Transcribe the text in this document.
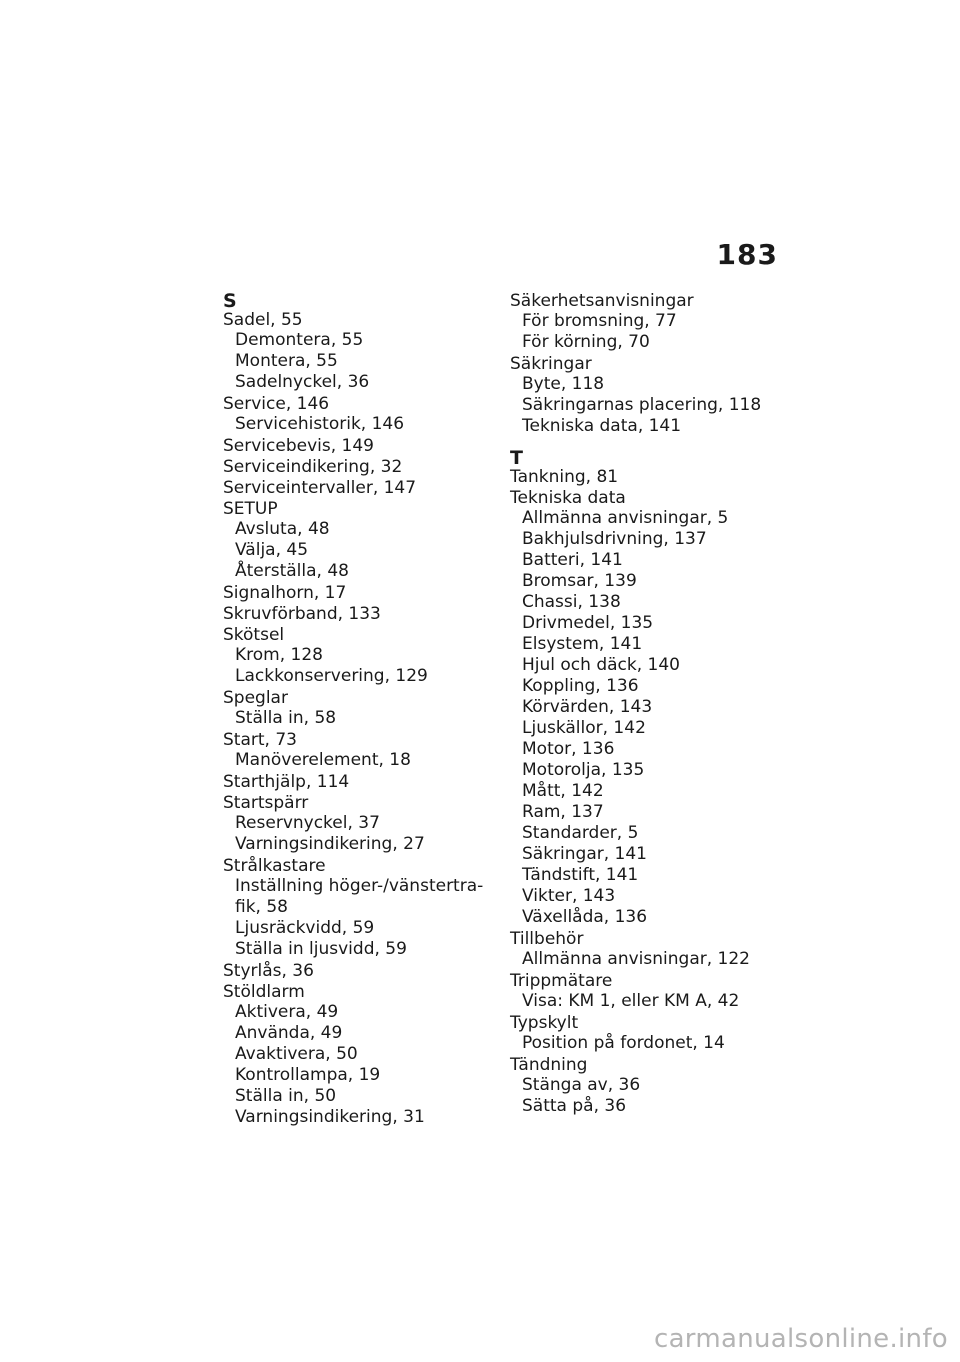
183
S
Sadel, 55
Demontera, 55
Montera, 55
Sadelnyckel, 36
Service, 146
Servicehistorik, 146
Servicebevis, 149
Serviceindikering, 32
Serviceintervaller, 147
SETUP
Avsluta, 48
Välja, 45
Återställa, 48
Signalhorn, 17
Skruvförband, 133
Skötsel
Krom, 128
Lackkonservering, 129
Speglar
Ställa in, 58
Start, 73
Manöverelement, 18
Starthjälp, 114
Startspärr
Reservnyckel, 37
Varningsindikering, 27
Strålkastare
Inställning höger-/vänstertra-
fik, 58
Ljusräckvidd, 59
Ställa in ljusvidd, 59
Styrlås, 36
Stöldlarm
Aktivera, 49
Använda, 49
Avaktivera, 50
Kontrollampa, 19
Ställa in, 50
Varningsindikering, 31
Säkerhetsanvisningar
För bromsning, 77
För körning, 70
Säkringar
Byte, 118
Säkringarnas placering, 118
Tekniska data, 141
T
Tankning, 81
Tekniska data
Allmänna anvisningar, 5
Bakhjulsdrivning, 137
Batteri, 141
Bromsar, 139
Chassi, 138
Drivmedel, 135
Elsystem, 141
Hjul och däck, 140
Koppling, 136
Körvärden, 143
Ljuskällor, 142
Motor, 136
Motorolja, 135
Mått, 142
Ram, 137
Standarder, 5
Säkringar, 141
Tändstift, 141
Vikter, 143
Växellåda, 136
Tillbehör
Allmänna anvisningar, 122
Trippmätare
Visa: KM 1, eller KM A, 42
Typskylt
Position på fordonet, 14
Tändning
Stänga av, 36
Sätta på, 36
carmanualsonline.info
